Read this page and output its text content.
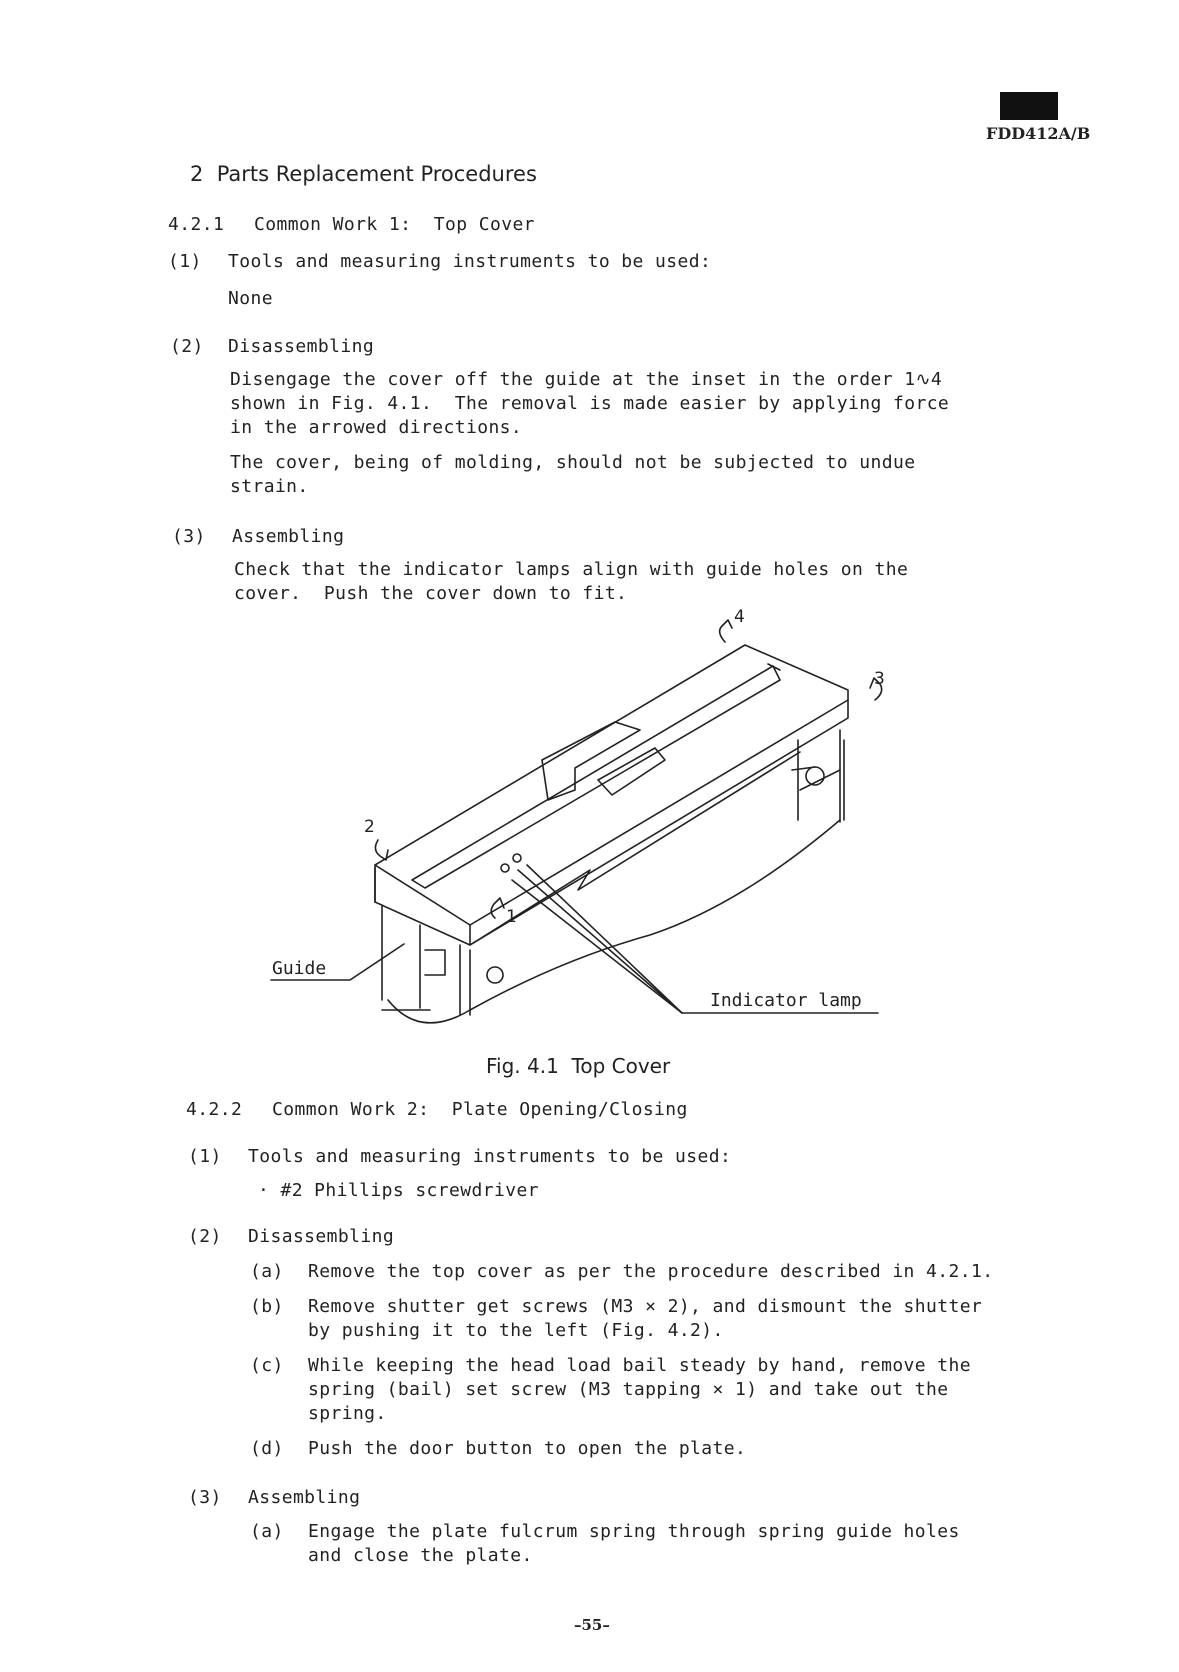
FDD412A/B
2  Parts Replacement Procedures
4.2.1 Common Work 1:  Top Cover
(1) Tools and measuring instruments to be used:
None
(2) Disassembling
Disengage the cover off the guide at the inset in the order 1∿4
shown in Fig. 4.1.  The removal is made easier by applying force
in the arrowed directions.
The cover, being of molding, should not be subjected to undue
strain.
(3) Assembling
Check that the indicator lamps align with guide holes on the
cover.  Push the cover down to fit.
Guide
Indicator lamp
1
2
3
4
Fig. 4.1  Top Cover
4.2.2 Common Work 2:  Plate Opening/Closing
(1) Tools and measuring instruments to be used:
· #2 Phillips screwdriver
(2) Disassembling
(a) Remove the top cover as per the procedure described in 4.2.1.
(b) Remove shutter get screws (M3 × 2), and dismount the shutter
by pushing it to the left (Fig. 4.2).
(c) While keeping the head load bail steady by hand, remove the
spring (bail) set screw (M3 tapping × 1) and take out the
spring.
(d) Push the door button to open the plate.
(3) Assembling
(a) Engage the plate fulcrum spring through spring guide holes
and close the plate.
–55–
